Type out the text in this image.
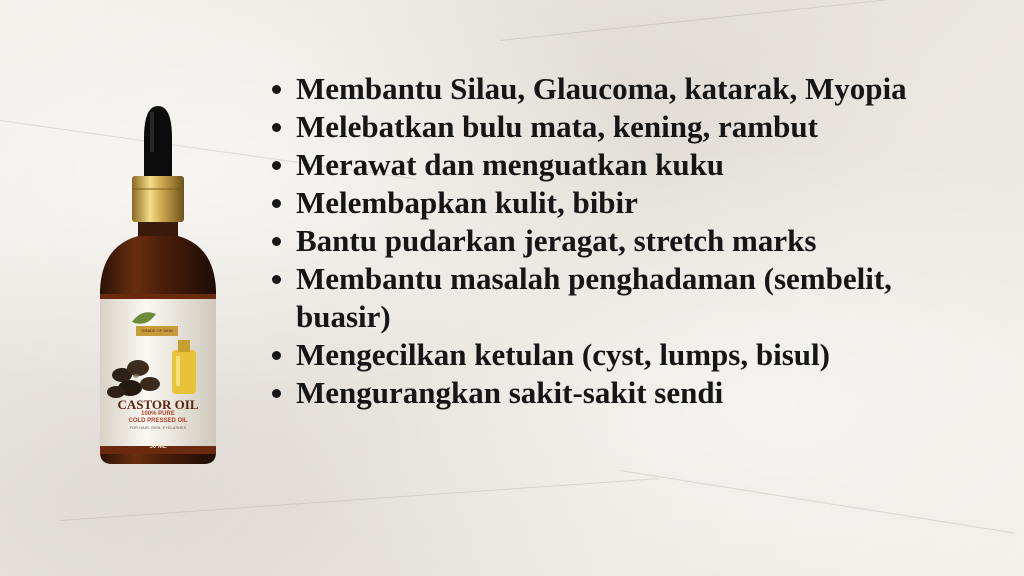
CASTOR OIL
100% PURE
COLD PRESSED OIL
FOR HAIR, SKIN, EYELASHES
50 ML
GRADE OF SKIN
Membantu Silau, Glaucoma, katarak, Myopia
Melebatkan bulu mata, kening, rambut
Merawat dan menguatkan kuku
Melembapkan kulit, bibir
Bantu pudarkan jeragat, stretch marks
Membantu masalah penghadaman (sembelit, buasir)
Mengecilkan ketulan (cyst, lumps, bisul)
Mengurangkan sakit-sakit sendi
